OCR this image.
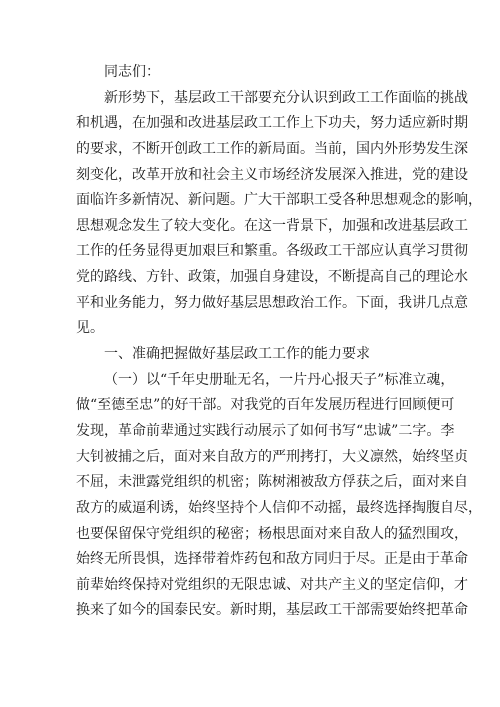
同志们：
新形势下，基层政工干部要充分认识到政工工作面临的挑战
和机遇，在加强和改进基层政工工作上下功夫，努力适应新时期
的要求，不断开创政工工作的新局面。当前，国内外形势发生深
刻变化，改革开放和社会主义市场经济发展深入推进，党的建设
面临许多新情况、新问题。广大干部职工受各种思想观念的影响，
思想观念发生了较大变化。在这一背景下，加强和改进基层政工
工作的任务显得更加艰巨和繁重。各级政工干部应认真学习贯彻
党的路线、方针、政策，加强自身建设，不断提高自己的理论水
平和业务能力，努力做好基层思想政治工作。下面，我讲几点意
见。
一、准确把握做好基层政工工作的能力要求
（一）以“千年史册耻无名，一片丹心报天子”标准立魂，
做“至德至忠”的好干部。对我党的百年发展历程进行回顾便可
发现，革命前辈通过实践行动展示了如何书写“忠诚”二字。李
大钊被捕之后，面对来自敌方的严刑拷打，大义凛然，始终坚贞
不屈，未泄露党组织的机密；陈树湘被敌方俘获之后，面对来自
敌方的威逼利诱，始终坚持个人信仰不动摇，最终选择掏腹自尽，
也要保留保守党组织的秘密；杨根思面对来自敌人的猛烈围攻，
始终无所畏惧，选择带着炸药包和敌方同归于尽。正是由于革命
前辈始终保持对党组织的无限忠诚、对共产主义的坚定信仰，才
换来了如今的国泰民安。新时期，基层政工干部需要始终把革命
